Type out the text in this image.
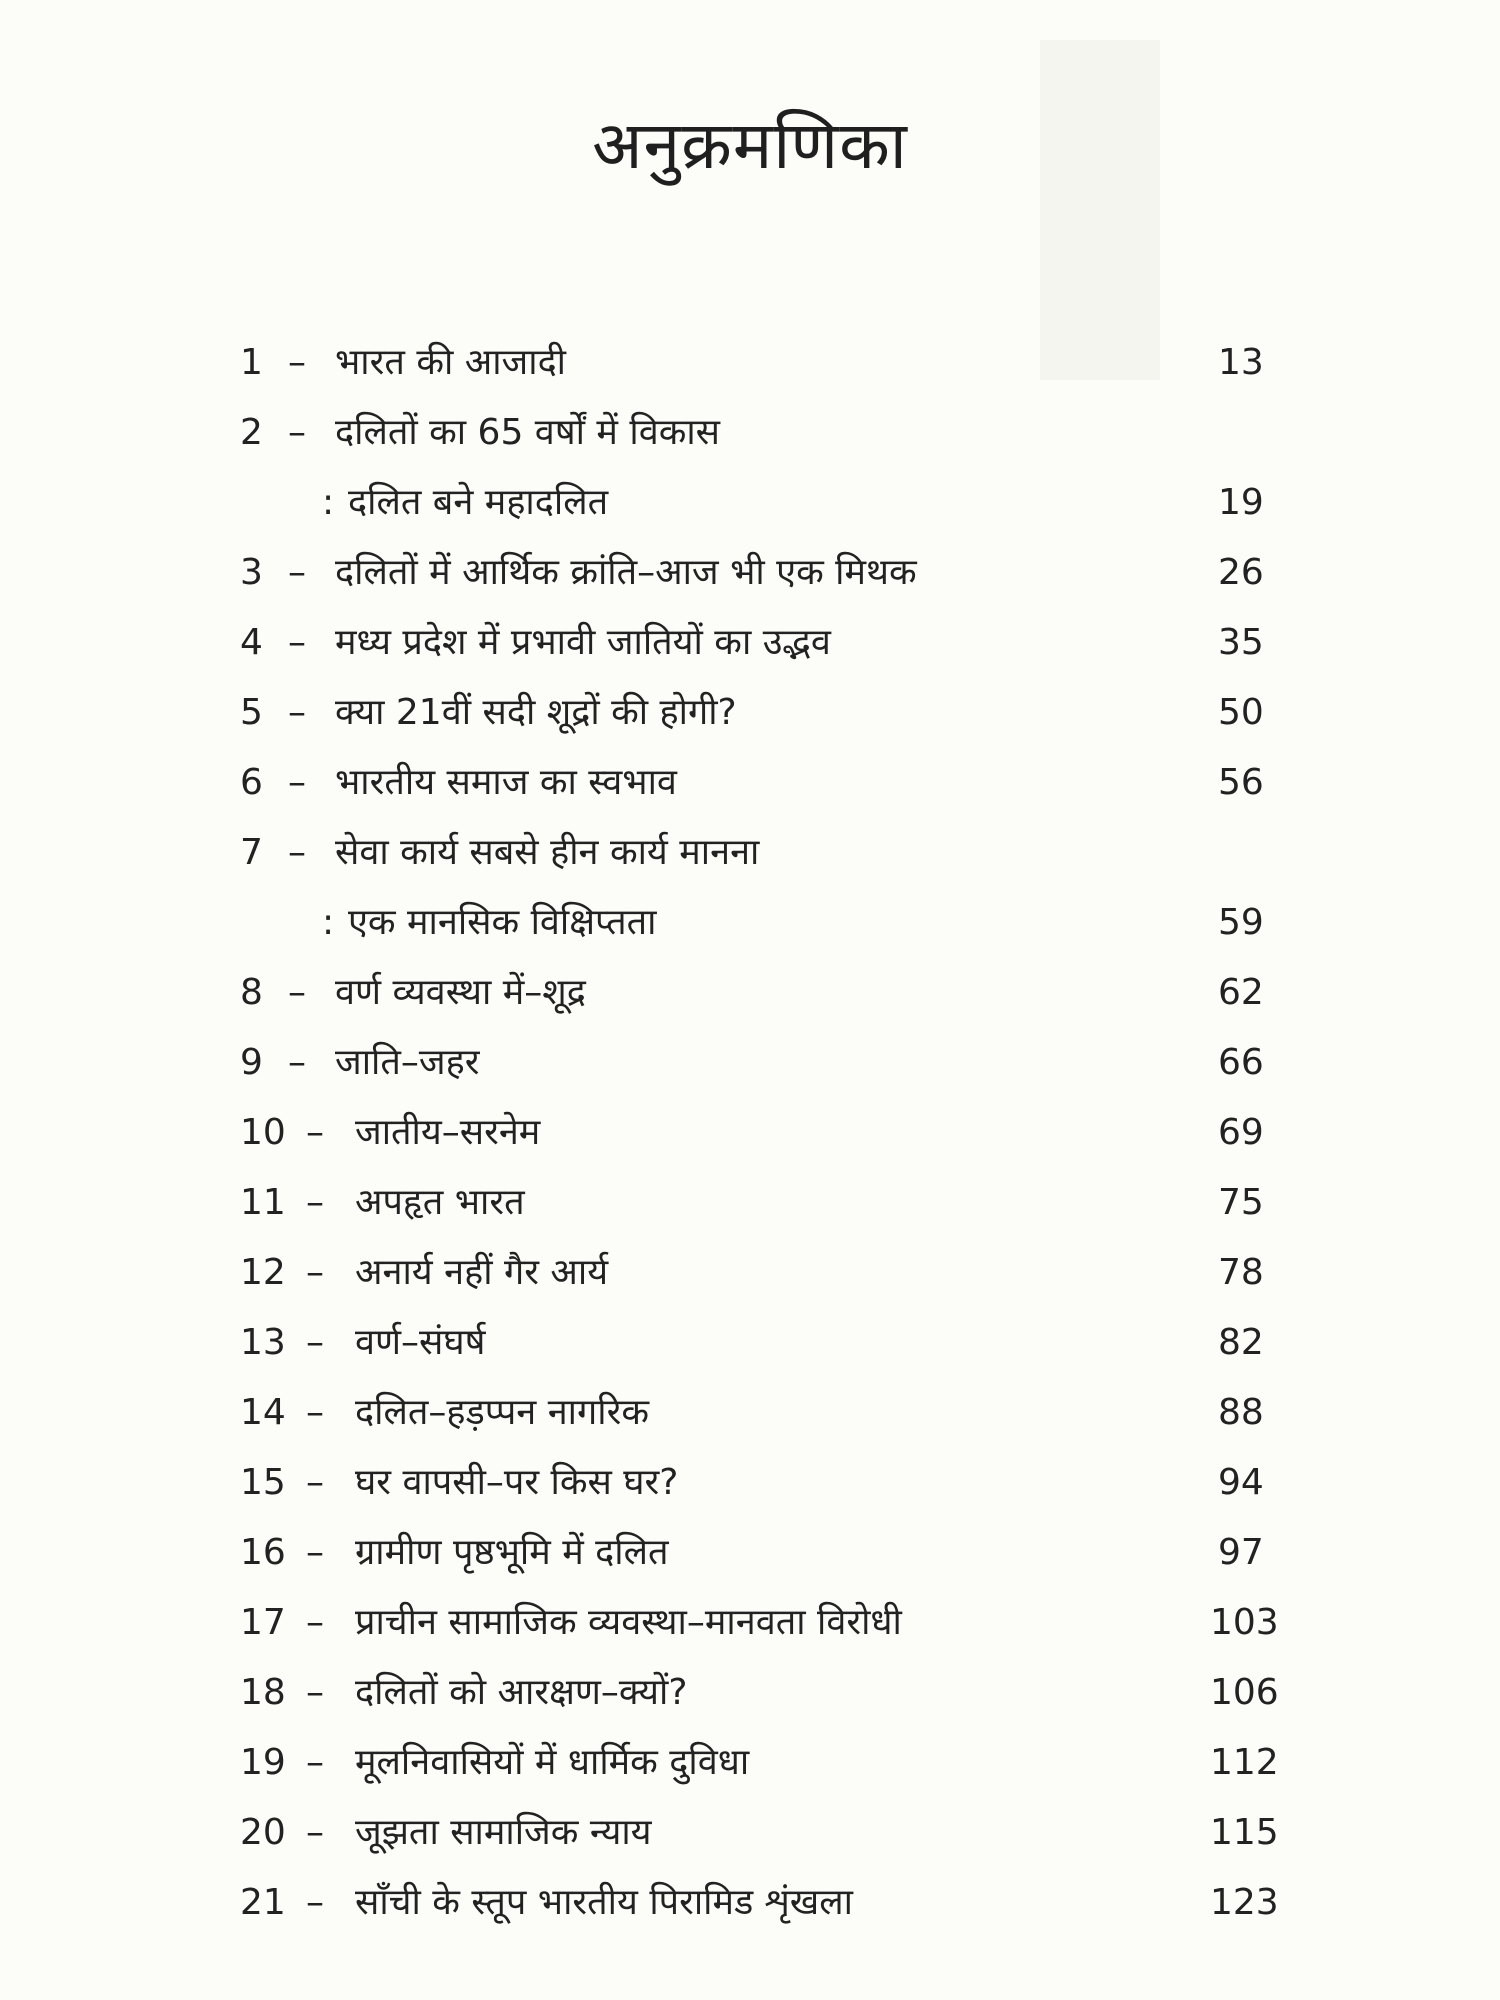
अनुक्रमणिका
1 – भारत की आजादी	13
2 – दलितों का 65 वर्षों में विकास
: दलित बने महादलित	19
3 – दलितों में आर्थिक क्रांति–आज भी एक मिथक	26
4 – मध्य प्रदेश में प्रभावी जातियों का उद्भव	35
5 – क्या 21वीं सदी शूद्रों की होगी?	50
6 – भारतीय समाज का स्वभाव	56
7 – सेवा कार्य सबसे हीन कार्य मानना
: एक मानसिक विक्षिप्तता	59
8 – वर्ण व्यवस्था में–शूद्र	62
9 – जाति–जहर	66
10 – जातीय–सरनेम	69
11 – अपहृत भारत	75
12 – अनार्य नहीं गैर आर्य	78
13 – वर्ण–संघर्ष	82
14 – दलित–हड़प्पन नागरिक	88
15 – घर वापसी–पर किस घर?	94
16 – ग्रामीण पृष्ठभूमि में दलित	97
17 – प्राचीन सामाजिक व्यवस्था–मानवता विरोधी	103
18 – दलितों को आरक्षण–क्यों?	106
19 – मूलनिवासियों में धार्मिक दुविधा	112
20 – जूझता सामाजिक न्याय	115
21 – साँची के स्तूप भारतीय पिरामिड शृंखला	123
